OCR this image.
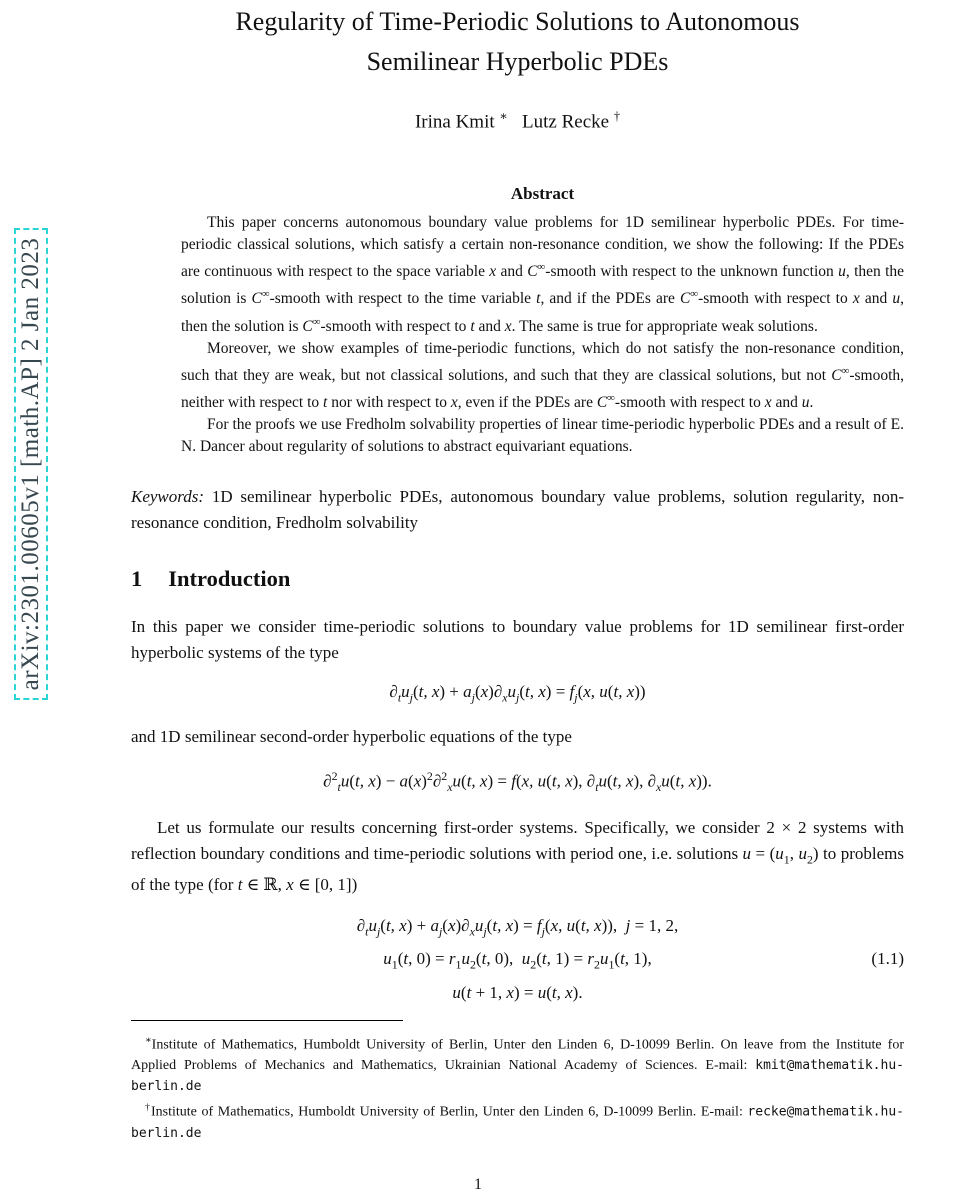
arXiv:2301.00605v1 [math.AP] 2 Jan 2023
Regularity of Time-Periodic Solutions to Autonomous
Semilinear Hyperbolic PDEs
Irina Kmit ∗   Lutz Recke †
Abstract

This paper concerns autonomous boundary value problems for 1D semilinear hyperbolic PDEs. For time-periodic classical solutions, which satisfy a certain non-resonance condition, we show the following: If the PDEs are continuous with respect to the space variable x and C∞-smooth with respect to the unknown function u, then the solution is C∞-smooth with respect to the time variable t, and if the PDEs are C∞-smooth with respect to x and u, then the solution is C∞-smooth with respect to t and x. The same is true for appropriate weak solutions.

Moreover, we show examples of time-periodic functions, which do not satisfy the non-resonance condition, such that they are weak, but not classical solutions, and such that they are classical solutions, but not C∞-smooth, neither with respect to t nor with respect to x, even if the PDEs are C∞-smooth with respect to x and u.

For the proofs we use Fredholm solvability properties of linear time-periodic hyperbolic PDEs and a result of E. N. Dancer about regularity of solutions to abstract equivariant equations.

Keywords: 1D semilinear hyperbolic PDEs, autonomous boundary value problems, solution regularity, non-resonance condition, Fredholm solvability

1 Introduction

In this paper we consider time-periodic solutions to boundary value problems for 1D semilinear first-order hyperbolic systems of the type

$\partial_tu_j(t$, $x) + a_j(x)\partial_xu_j(t$, $x) = f_j(x$, u(t, x))

and 1D semilinear second-order hyperbolic equations of the type

∂$^2_t$u(t, $x) - a(x)^2\partial^2_xu(t$, x) = f(x, u(t, x), $\partial_tu(t$, x), $\partial_xu(t$, x)).

Let us formulate our results concerning first-order systems. Specifically, we consider 2 × 2 systems with reflection boundary conditions and time-periodic solutions with period one, i.e. solutions $u = (u_1$, $u_2$) to problems of the type (for t ∈ ℝ, x ∈ [0, 1])

$\partial_tu_j(t$, $x) + a_j(x)\partial_xu_j(t$, $x) = f_j(x$, u(t, x)),  j = 1, 2,
$u_1(t$, $0) = r_1u_2(t$, 0),  $u_2(t$, $1) = r_2u_1(t$, 1),
u(t + 1, x) = u(t, x).
(1.1)

∗Institute of Mathematics, Humboldt University of Berlin, Unter den Linden 6, D-10099 Berlin. On leave from the Institute for Applied Problems of Mechanics and Mathematics, Ukrainian National Academy of Sciences. E-mail: kmit@mathematik.hu-berlin.de

†Institute of Mathematics, Humboldt University of Berlin, Unter den Linden 6, D-10099 Berlin. E-mail: recke@mathematik.hu-berlin.de

1
